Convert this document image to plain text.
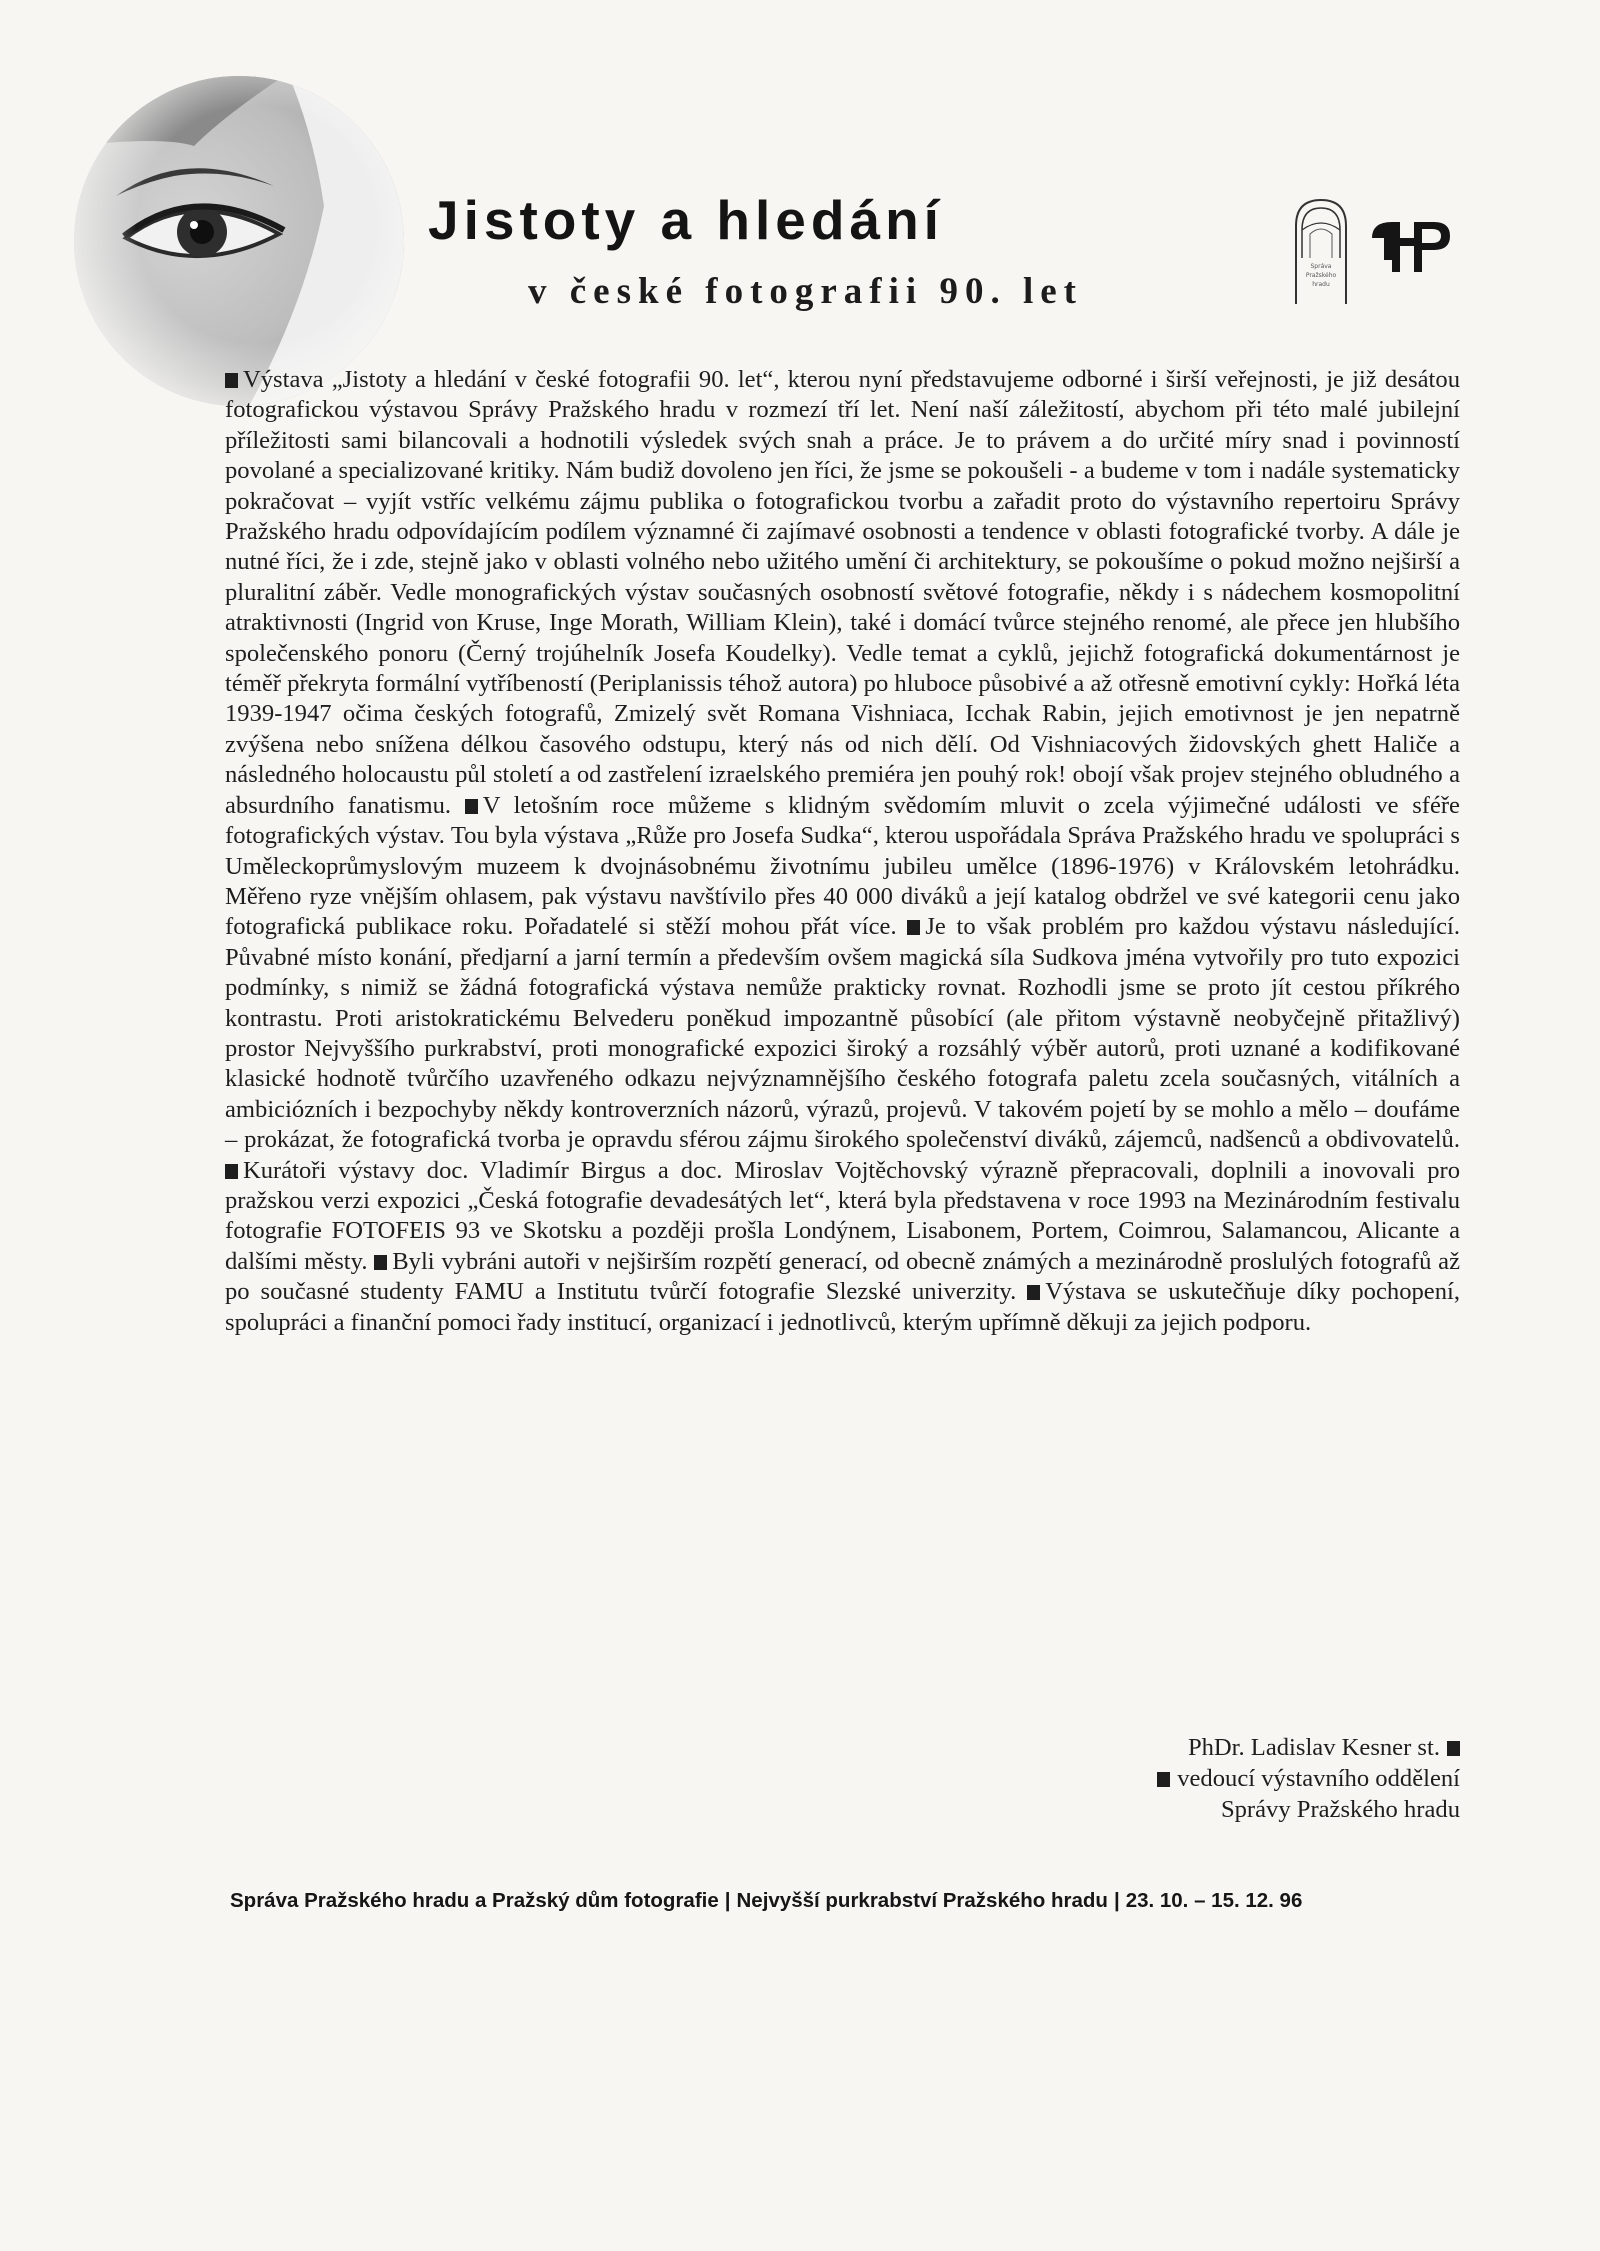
Jistoty a hledání
v české fotografii 90. let
Správa
Pražského
hradu
Výstava „Jistoty a hledání v české fotografii 90. let“, kterou nyní představujeme odborné i širší veřejnosti, je již desátou fotografickou výstavou Správy Pražského hradu v rozmezí tří let. Není naší záležitostí, abychom při této malé jubilejní příležitosti sami bilancovali a hodnotili výsledek svých snah a práce. Je to právem a do určité míry snad i povinností povolané a specializované kritiky. Nám budiž dovoleno jen říci, že jsme se pokoušeli - a budeme v tom i nadále systematicky pokračovat – vyjít vstříc velkému zájmu publika o fotografickou tvorbu a zařadit proto do výstavního repertoiru Správy Pražského hradu odpovídajícím podílem významné či zajímavé osobnosti a tendence v oblasti fotografické tvorby. A dále je nutné říci, že i zde, stejně jako v oblasti volného nebo užitého umění či architektury, se pokoušíme o pokud možno nejširší a pluralitní záběr. Vedle monografických výstav současných osobností světové fotografie, někdy i s nádechem kosmopolitní atraktivnosti (Ingrid von Kruse, Inge Morath, William Klein), také i domácí tvůrce stejného renomé, ale přece jen hlubšího společenského ponoru (Černý trojúhelník Josefa Koudelky). Vedle temat a cyklů, jejichž fotografická dokumentárnost je téměř překryta formální vytříbeností (Periplanissis téhož autora) po hluboce působivé a až otřesně emotivní cykly: Hořká léta 1939-1947 očima českých fotografů, Zmizelý svět Romana Vishniaca, Icchak Rabin, jejich emotivnost je jen nepatrně zvýšena nebo snížena délkou časového odstupu, který nás od nich dělí. Od Vishniacových židovských ghett Haliče a následného holocaustu půl století a od zastřelení izraelského premiéra jen pouhý rok! obojí však projev stejného obludného a absurdního fanatismu. V letošním roce můžeme s klidným svědomím mluvit o zcela výjimečné události ve sféře fotografických výstav. Tou byla výstava „Růže pro Josefa Sudka“, kterou uspořádala Správa Pražského hradu ve spolupráci s Uměleckoprůmyslovým muzeem k dvojnásobnému životnímu jubileu umělce (1896-1976) v Královském letohrádku. Měřeno ryze vnějším ohlasem, pak výstavu navštívilo přes 40 000 diváků a její katalog obdržel ve své kategorii cenu jako fotografická publikace roku. Pořadatelé si stěží mohou přát více. Je to však problém pro každou výstavu následující. Půvabné místo konání, předjarní a jarní termín a především ovšem magická síla Sudkova jména vytvořily pro tuto expozici podmínky, s nimiž se žádná fotografická výstava nemůže prakticky rovnat. Rozhodli jsme se proto jít cestou příkrého kontrastu. Proti aristokratickému Belvederu poněkud impozantně působící (ale přitom výstavně neobyčejně přitažlivý) prostor Nejvyššího purkrabství, proti monografické expozici široký a rozsáhlý výběr autorů, proti uznané a kodifikované klasické hodnotě tvůrčího uzavřeného odkazu nejvýznamnějšího českého fotografa paletu zcela současných, vitálních a ambiciózních i bezpochyby někdy kontroverzních názorů, výrazů, projevů. V takovém pojetí by se mohlo a mělo – doufáme – prokázat, že fotografická tvorba je opravdu sférou zájmu širokého společenství diváků, zájemců, nadšenců a obdivovatelů. Kurátoři výstavy doc. Vladimír Birgus a doc. Miroslav Vojtěchovský výrazně přepracovali, doplnili a inovovali pro pražskou verzi expozici „Česká fotografie devadesátých let“, která byla představena v roce 1993 na Mezinárodním festivalu fotografie FOTOFEIS 93 ve Skotsku a později prošla Londýnem, Lisabonem, Portem, Coimrou, Salamancou, Alicante a dalšími městy. Byli vybráni autoři v nejširším rozpětí generací, od obecně známých a mezinárodně proslulých fotografů až po současné studenty FAMU a Institutu tvůrčí fotografie Slezské univerzity. Výstava se uskutečňuje díky pochopení, spolupráci a finanční pomoci řady institucí, organizací i jednotlivců, kterým upřímně děkuji za jejich podporu.
PhDr. Ladislav Kesner st.
vedoucí výstavního oddělení
Správy Pražského hradu
Správa Pražského hradu a Pražský dům fotografie | Nejvyšší purkrabství Pražského hradu | 23. 10. – 15. 12. 96
